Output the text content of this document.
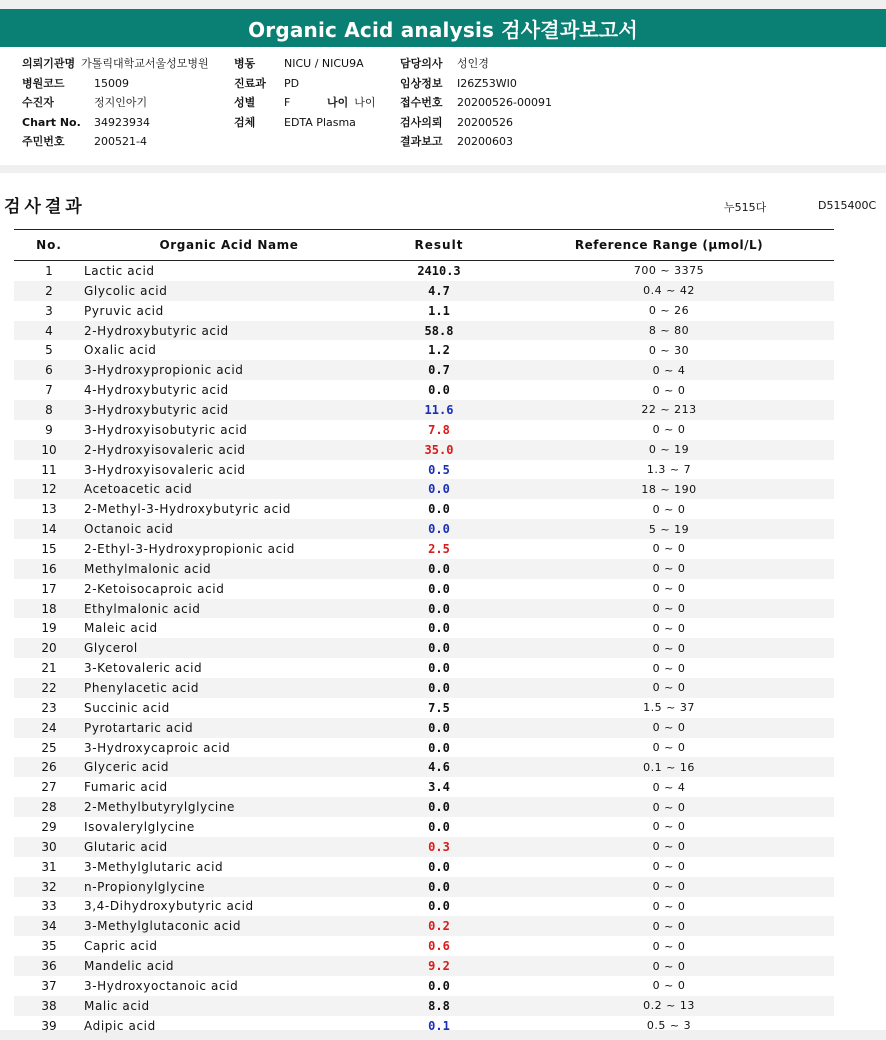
Organic Acid analysis 검사결과보고서
의뢰기관명 가톨릭대학교서울성모병원
병원코드	15009
수진자	정지인아기
Chart No.	34923934
주민번호	200521-4
병동	NICU / NICU9A
진료과	PD
성별	F	나이 나이
검체	EDTA Plasma
담당의사	성인경
임상정보	I26Z53WI0
접수번호	20200526-00091
검사의뢰	20200526
결과보고	20200603
검사결과	누515다	D515400C
No.	Organic Acid Name	Result	Reference Range (μmol/L)
1	Lactic acid	2410.3	700 ~ 3375
2	Glycolic acid	4.7	0.4 ~ 42
3	Pyruvic acid	1.1	0 ~ 26
4	2-Hydroxybutyric acid	58.8	8 ~ 80
5	Oxalic acid	1.2	0 ~ 30
6	3-Hydroxypropionic acid	0.7	0 ~ 4
7	4-Hydroxybutyric acid	0.0	0 ~ 0
8	3-Hydroxybutyric acid	11.6	22 ~ 213
9	3-Hydroxyisobutyric acid	7.8	0 ~ 0
10	2-Hydroxyisovaleric acid	35.0	0 ~ 19
11	3-Hydroxyisovaleric acid	0.5	1.3 ~ 7
12	Acetoacetic acid	0.0	18 ~ 190
13	2-Methyl-3-Hydroxybutyric acid	0.0	0 ~ 0
14	Octanoic acid	0.0	5 ~ 19
15	2-Ethyl-3-Hydroxypropionic acid	2.5	0 ~ 0
16	Methylmalonic acid	0.0	0 ~ 0
17	2-Ketoisocaproic acid	0.0	0 ~ 0
18	Ethylmalonic acid	0.0	0 ~ 0
19	Maleic acid	0.0	0 ~ 0
20	Glycerol	0.0	0 ~ 0
21	3-Ketovaleric acid	0.0	0 ~ 0
22	Phenylacetic acid	0.0	0 ~ 0
23	Succinic acid	7.5	1.5 ~ 37
24	Pyrotartaric acid	0.0	0 ~ 0
25	3-Hydroxycaproic acid	0.0	0 ~ 0
26	Glyceric acid	4.6	0.1 ~ 16
27	Fumaric acid	3.4	0 ~ 4
28	2-Methylbutyrylglycine	0.0	0 ~ 0
29	Isovalerylglycine	0.0	0 ~ 0
30	Glutaric acid	0.3	0 ~ 0
31	3-Methylglutaric acid	0.0	0 ~ 0
32	n-Propionylglycine	0.0	0 ~ 0
33	3,4-Dihydroxybutyric acid	0.0	0 ~ 0
34	3-Methylglutaconic acid	0.2	0 ~ 0
35	Capric acid	0.6	0 ~ 0
36	Mandelic acid	9.2	0 ~ 0
37	3-Hydroxyoctanoic acid	0.0	0 ~ 0
38	Malic acid	8.8	0.2 ~ 13
39	Adipic acid	0.1	0.5 ~ 3
